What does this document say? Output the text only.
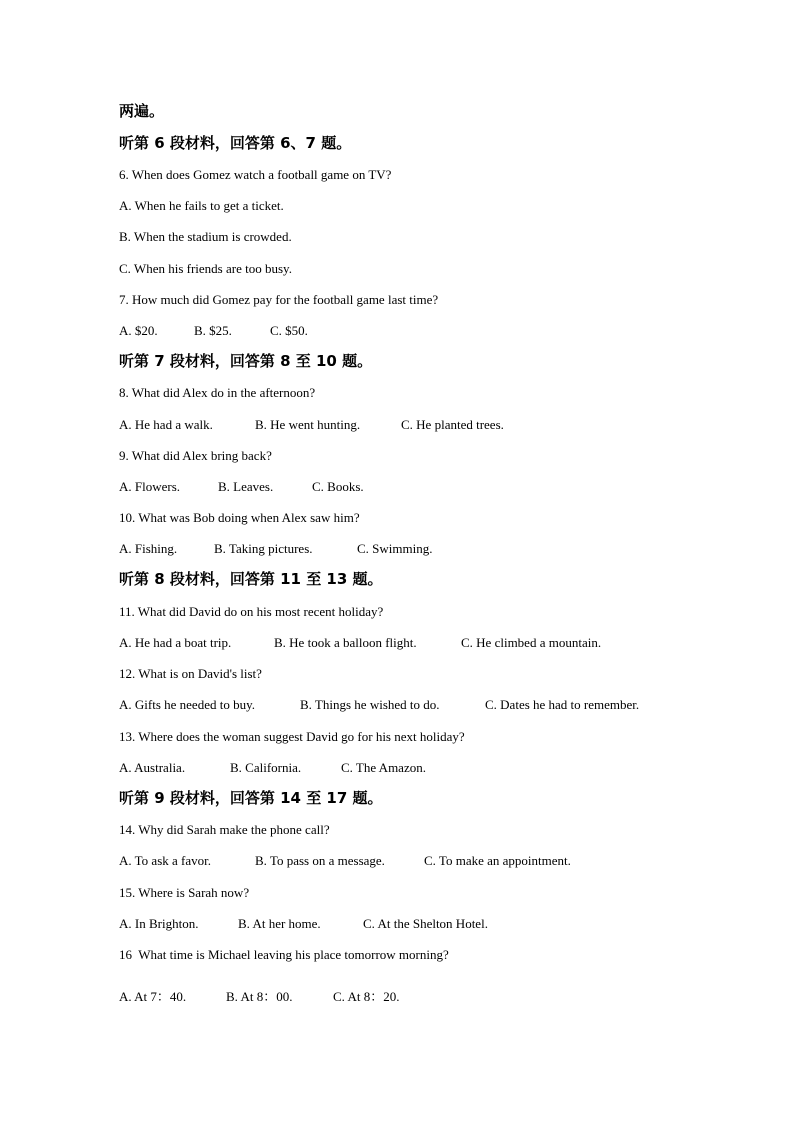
两遍。
听第 6 段材料，回答第 6、7 题。
6. When does Gomez watch a football game on TV?
A. When he fails to get a ticket.
B. When the stadium is crowded.
C. When his friends are too busy.
7. How much did Gomez pay for the football game last time?
A. $20.	B. $25.	C. $50.
听第 7 段材料，回答第 8 至 10 题。
8. What did Alex do in the afternoon?
A. He had a walk.	B. He went hunting.	C. He planted trees.
9. What did Alex bring back?
A. Flowers.	B. Leaves.	C. Books.
10. What was Bob doing when Alex saw him?
A. Fishing.	B. Taking pictures.	C. Swimming.
听第 8 段材料，回答第 11 至 13 题。
11. What did David do on his most recent holiday?
A. He had a boat trip.	B. He took a balloon flight.	C. He climbed a mountain.
12. What is on David's list?
A. Gifts he needed to buy.	B. Things he wished to do.	C. Dates he had to remember.
13. Where does the woman suggest David go for his next holiday?
A. Australia.	B. California.	C. The Amazon.
听第 9 段材料，回答第 14 至 17 题。
14. Why did Sarah make the phone call?
A. To ask a favor.	B. To pass on a message.	C. To make an appointment.
15. Where is Sarah now?
A. In Brighton.	B. At her home.	C. At the Shelton Hotel.
16  What time is Michael leaving his place tomorrow morning?
A. At 7：40.	B. At 8：00.	C. At 8：20.
